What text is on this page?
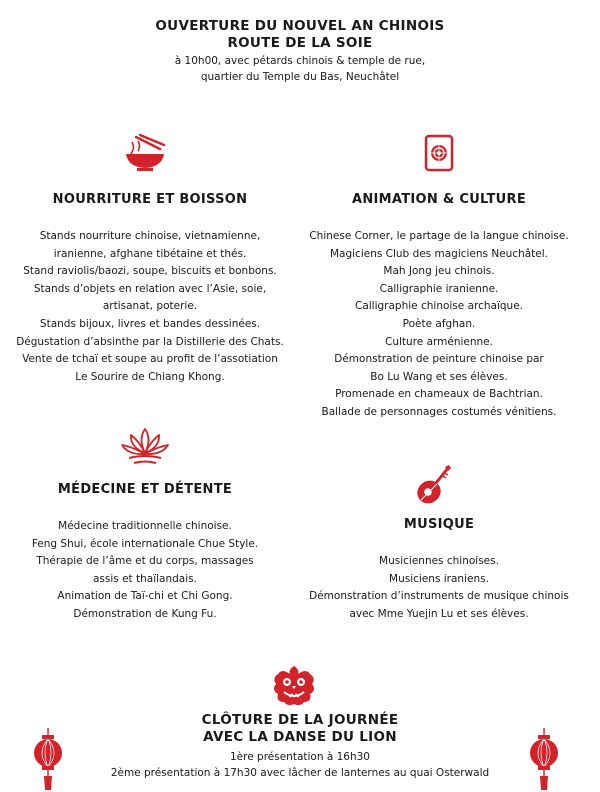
OUVERTURE DU NOUVEL AN CHINOIS
ROUTE DE LA SOIE
à 10h00, avec pétards chinois & temple de rue,
quartier du Temple du Bas, Neuchâtel
NOURRITURE ET BOISSON
Stands nourriture chinoise, vietnamienne,
iranienne, afghane tibétaine et thés.
Stand raviolis/baozi, soupe, biscuits et bonbons.
Stands d’objets en relation avec l’Asie, soie,
artisanat, poterie.
Stands bijoux, livres et bandes dessinées.
Dégustation d’absinthe par la Distillerie des Chats.
Vente de tchaï et soupe au profit de l’assotiation
Le Sourire de Chiang Khong.
ANIMATION & CULTURE
Chinese Corner, le partage de la langue chinoise.
Magiciens Club des magiciens Neuchâtel.
Mah Jong jeu chinois.
Calligraphie iranienne.
Calligraphie chinoise archaïque.
Poète afghan.
Culture arménienne.
Démonstration de peinture chinoise par
Bo Lu Wang et ses élèves.
Promenade en chameaux de Bachtrian.
Ballade de personnages costumés vénitiens.
MÉDECINE ET DÉTENTE
Médecine traditionnelle chinoise.
Feng Shui, école internationale Chue Style.
Thérapie de l’âme et du corps, massages
assis et thaïlandais.
Animation de Taï-chi et Chi Gong.
Démonstration de Kung Fu.
MUSIQUE
Musiciennes chinoises.
Musiciens iraniens.
Démonstration d’instruments de musique chinois
avec Mme Yuejin Lu et ses élèves.
CLÔTURE DE LA JOURNÉE
AVEC LA DANSE DU LION
1ère présentation à 16h30
2ème présentation à 17h30 avec lâcher de lanternes au quai Osterwald
